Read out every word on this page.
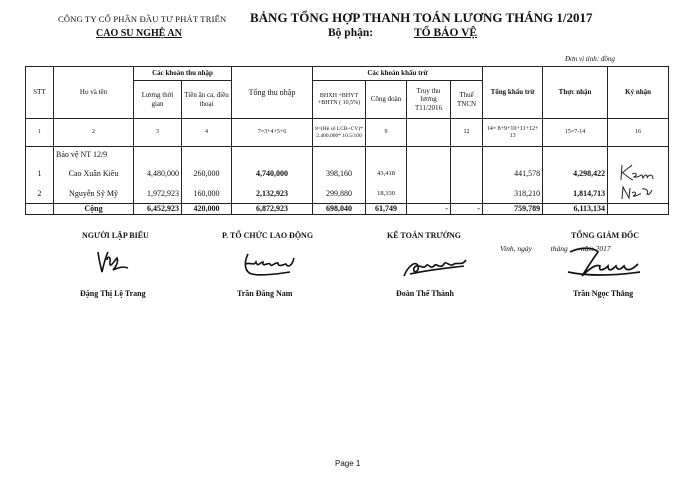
CÔNG TY CỔ PHẦN ĐẦU TƯ PHÁT TRIỂN
CAO SU NGHỆ AN
BẢNG TỔNG HỢP THANH TOÁN LƯƠNG THÁNG 1/2017
Bộ phận:	TỔ BẢO VỆ
Đơn vị tính: đồng
STT	Họ và tên	Các khoản thu nhập		Tổng thu nhập	Các khoản khấu trừ				Tổng khấu trừ	Thực nhận	Ký nhận
		Lương thời gian	Tiền ăn ca, điều thoại		BHXH +BHYT +BHTN ( 10,5%)	Công đoàn	Truy thu lương T11/2016	Thuế TNCN			
1	2	3	4	7=3+4+5+6	8=(Hệ số LCB+CV)* 2.400.000* 10.5/100	9		12	14= 8+9+10+11+12+ 13	15=7-14	16
	Bảo vệ NT 12/9										
1	Cao Xuân Kiều	4,480,000	260,000	4,740,000	398,160	43,418			441,578	4,298,422	
2	Nguyễn Sỹ Mỹ	1,972,923	160,000	2,132,923	299,880	18,330			318,210	1,814,713	
	Cộng	6,452,923	420,000	6,872,923	698,040	61,749	-	-	759,789	6,113,134	
Vinh, ngày          tháng       năm 2017
NGƯỜI LẬP BIỂU	P. TỔ CHỨC LAO ĐỘNG	KẾ TOÁN TRƯỞNG	TỔNG GIÁM ĐỐC
Đặng Thị Lệ Trang	Trần Đăng Nam	Đoàn Thế Thành	Trần Ngọc Thắng
Page 1
